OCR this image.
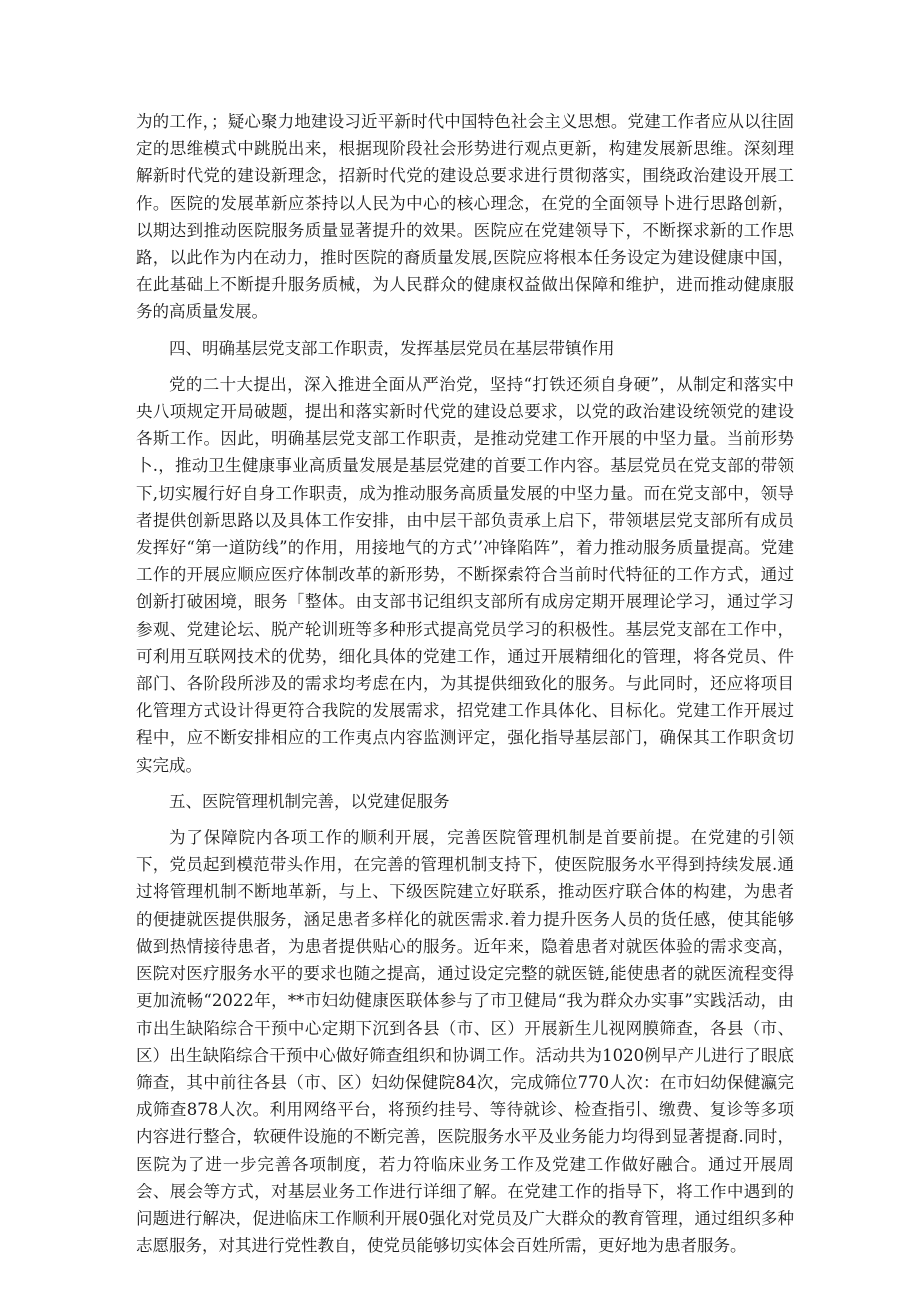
为的工作，；疑心聚力地建设习近平新时代中国特色社会主义思想。党建工作者应从以往固定的思维模式中跳脱出来，根据现阶段社会形势进行观点更新，构建发展新思维。深刻理解新时代党的建设新理念，招新时代党的建设总要求进行贯彻落实，围绕政治建设开展工作。医院的发展革新应茶持以人民为中心的核心理念，在党的全面领导卜进行思路创新，以期达到推动医院服务质量显著提升的效果。医院应在党建领导下，不断探求新的工作思路，以此作为内在动力，推时医院的裔质量发展,医院应将根本任务设定为建设健康中国，在此基础上不断提升服务质械，为人民群众的健康权益做出保障和维护，进而推动健康服务的高质量发展。

四、明确基层党支部工作职责，发挥基层党员在基层带镇作用

党的二十大提出，深入推进全面从严治党，坚持“打铁还须自身硬”，从制定和落实中央八项规定开局破题，提出和落实新时代党的建设总要求，以党的政治建设统领党的建设各斯工作。因此，明确基层党支部工作职责，是推动党建工作开展的中坚力量。当前形势卜.，推动卫生健康事业高质量发展是基层党建的首要工作内容。基层党员在党支部的带领下,切实履行好自身工作职责，成为推动服务高质量发展的中坚力量。而在党支部中，领导者提供创新思路以及具体工作安排，由中层干部负责承上启下，带领堪层党支部所有成员发挥好“第一道防线”的作用，用接地气的方式’’冲锋陷阵”，着力推动服务质量提高。党建工作的开展应顺应医疗体制改革的新形势，不断探索符合当前时代特征的工作方式，通过创新打破困境，眼务「整体。由支部书记组织支部所有成房定期开展理论学习，通过学习参观、党建论坛、脱产轮训班等多种形式提高党员学习的积极性。基层党支部在工作中，可利用互联网技术的优势，细化具体的党建工作，通过开展精细化的管理，将各党员、件部门、各阶段所涉及的需求均考虑在内，为其提供细致化的服务。与此同时，还应将项目化管理方式设计得更符合我院的发展需求，招党建工作具体化、目标化。党建工作开展过程中，应不断安排相应的工作夷点内容监测评定，强化指导基层部门，确保其工作职贪切实完成。

五、医院管理机制完善，以党建促服务

为了保障院内各项工作的顺利开展，完善医院管理机制是首要前提。在党建的引领下，党员起到模范带头作用，在完善的管理机制支持下，使医院服务水平得到持续发展.通过将管理机制不断地革新，与上、下级医院建立好联系，推动医疗联合体的构建，为患者的便捷就医提供服务，涵足患者多样化的就医需求.着力提升医务人员的货任感，使其能够做到热情接待患者，为患者提供贴心的服务。近年来，隐着患者对就医体验的需求变高，医院对医疗服务水平的要求也随之提高，通过设定完整的就医链,能使患者的就医流程变得更加流畅“2022年，**市妇幼健康医联体参与了市卫健局“我为群众办实事”实践活动，由市出生缺陷综合干预中心定期下沉到各县（市、区）开展新生儿视网膜筛查，各县（市、区）出生缺陷综合干预中心做好筛查组织和协调工作。活动共为1020例早产儿进行了眼底筛查，其中前往各县（市、区）妇幼保健院84次，完成筛位770人次：在市妇幼保健瀛完成筛查878人次。利用网络平台，将预约挂号、等待就诊、检查指引、缴费、复诊等多项内容进行整合，软硬件设施的不断完善，医院服务水平及业务能力均得到显著提裔.同时，医院为了进一步完善各项制度，若力符临床业务工作及党建工作做好融合。通过开展周会、展会等方式，对基层业务工作进行详细了解。在党建工作的指导下，将工作中遇到的问题进行解决，促进临床工作顺利开展0强化对党员及广大群众的教育管理，通过组织多种志愿服务，对其进行党性教自，使党员能够切实体会百姓所需，更好地为患者服务。
